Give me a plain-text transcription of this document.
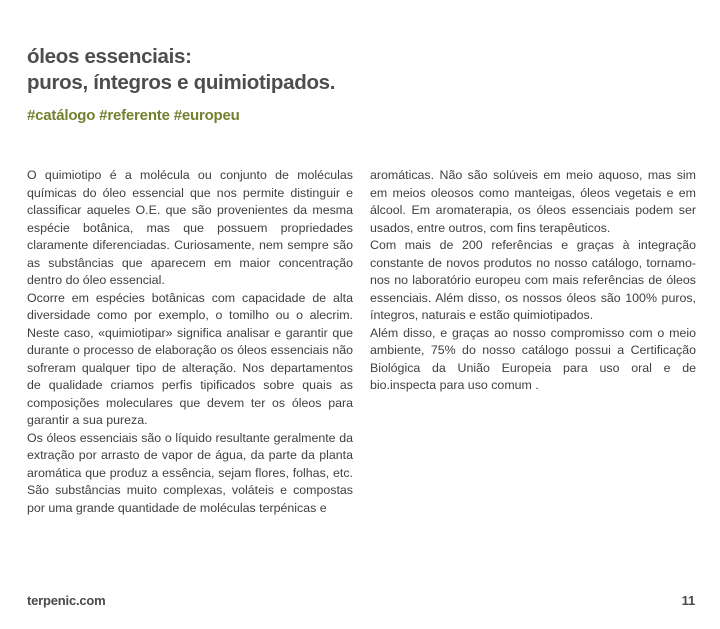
óleos essenciais:
puros, íntegros e quimiotipados.
#catálogo #referente #europeu

O quimiotipo é a molécula ou conjunto de moléculas químicas do óleo essencial que nos permite distinguir e classificar aqueles O.E. que são provenientes da mesma espécie botânica, mas que possuem propriedades claramente diferenciadas. Curiosamente, nem sempre são as substâncias que aparecem em maior concentração dentro do óleo essencial.

Ocorre em espécies botânicas com capacidade de alta diversidade como por exemplo, o tomilho ou o alecrim. Neste caso, «quimiotipar» significa analisar e garantir que durante o processo de elaboração os óleos essenciais não sofreram qualquer tipo de alteração. Nos departamentos de qualidade criamos perfis tipificados sobre quais as composições moleculares que devem ter os óleos para garantir a sua pureza.

Os óleos essenciais são o líquido resultante geralmente da extração por arrasto de vapor de água, da parte da planta aromática que produz a essência, sejam flores, folhas, etc. São substâncias muito complexas, voláteis e compostas por uma grande quantidade de moléculas terpénicas e

aromáticas. Não são solúveis em meio aquoso, mas sim em meios oleosos como manteigas, óleos vegetais e em álcool. Em aromaterapia, os óleos essenciais podem ser usados, entre outros, com fins terapêuticos.

Com mais de 200 referências e graças à integração constante de novos produtos no nosso catálogo, tornamo-nos no laboratório europeu com mais referências de óleos essenciais. Além disso, os nossos óleos são 100% puros, íntegros, naturais e estão quimiotipados.

Além disso, e graças ao nosso compromisso com o meio ambiente, 75% do nosso catálogo possui a Certificação Biológica da União Europeia para uso oral e de bio.inspecta para uso comum .

terpenic.com	11
